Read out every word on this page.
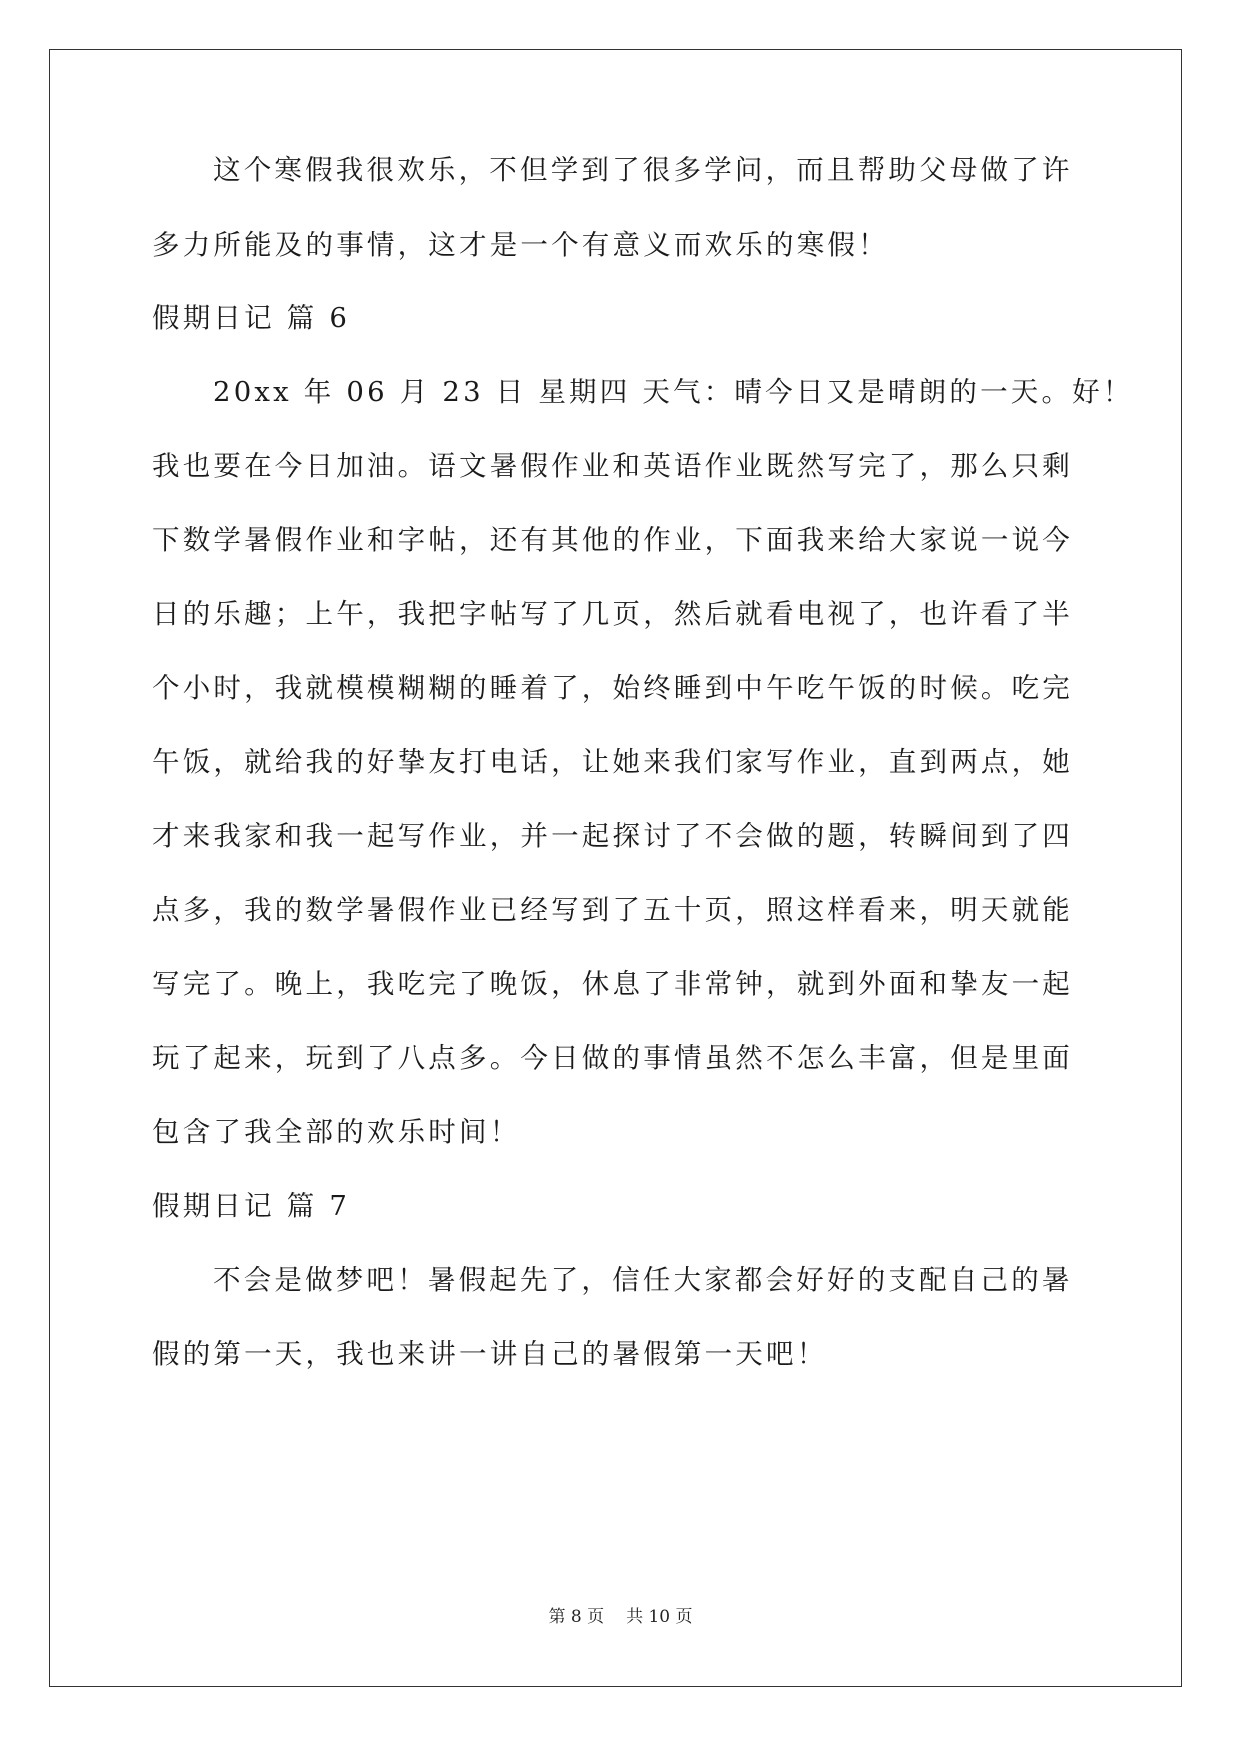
这个寒假我很欢乐，不但学到了很多学问，而且帮助父母做了许
多力所能及的事情，这才是一个有意义而欢乐的寒假！
假期日记 篇 6
20xx 年 06 月 23 日 星期四 天气：晴今日又是晴朗的一天。好！
我也要在今日加油。语文暑假作业和英语作业既然写完了，那么只剩
下数学暑假作业和字帖，还有其他的作业，下面我来给大家说一说今
日的乐趣；上午，我把字帖写了几页，然后就看电视了，也许看了半
个小时，我就模模糊糊的睡着了，始终睡到中午吃午饭的时候。吃完
午饭，就给我的好挚友打电话，让她来我们家写作业，直到两点，她
才来我家和我一起写作业，并一起探讨了不会做的题，转瞬间到了四
点多，我的数学暑假作业已经写到了五十页，照这样看来，明天就能
写完了。晚上，我吃完了晚饭，休息了非常钟，就到外面和挚友一起
玩了起来，玩到了八点多。今日做的事情虽然不怎么丰富，但是里面
包含了我全部的欢乐时间！
假期日记 篇 7
不会是做梦吧！暑假起先了，信任大家都会好好的支配自己的暑
假的第一天，我也来讲一讲自己的暑假第一天吧！
第 8 页 共 10 页
